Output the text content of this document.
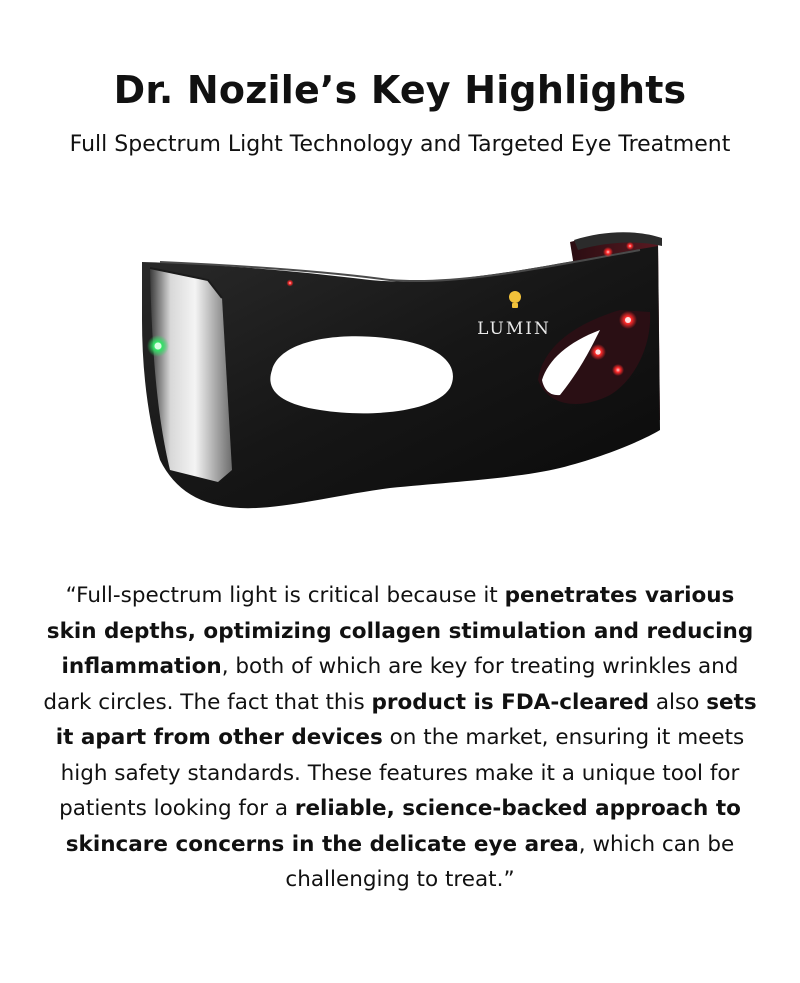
Dr. Nozile’s Key Highlights

Full Spectrum Light Technology and Targeted Eye Treatment

LUMIN

“Full-spectrum light is critical because it penetrates various skin depths, optimizing collagen stimulation and reducing inflammation, both of which are key for treating wrinkles and dark circles. The fact that this product is FDA-cleared also sets it apart from other devices on the market, ensuring it meets high safety standards. These features make it a unique tool for patients looking for a reliable, science-backed approach to skincare concerns in the delicate eye area, which can be challenging to treat.”
